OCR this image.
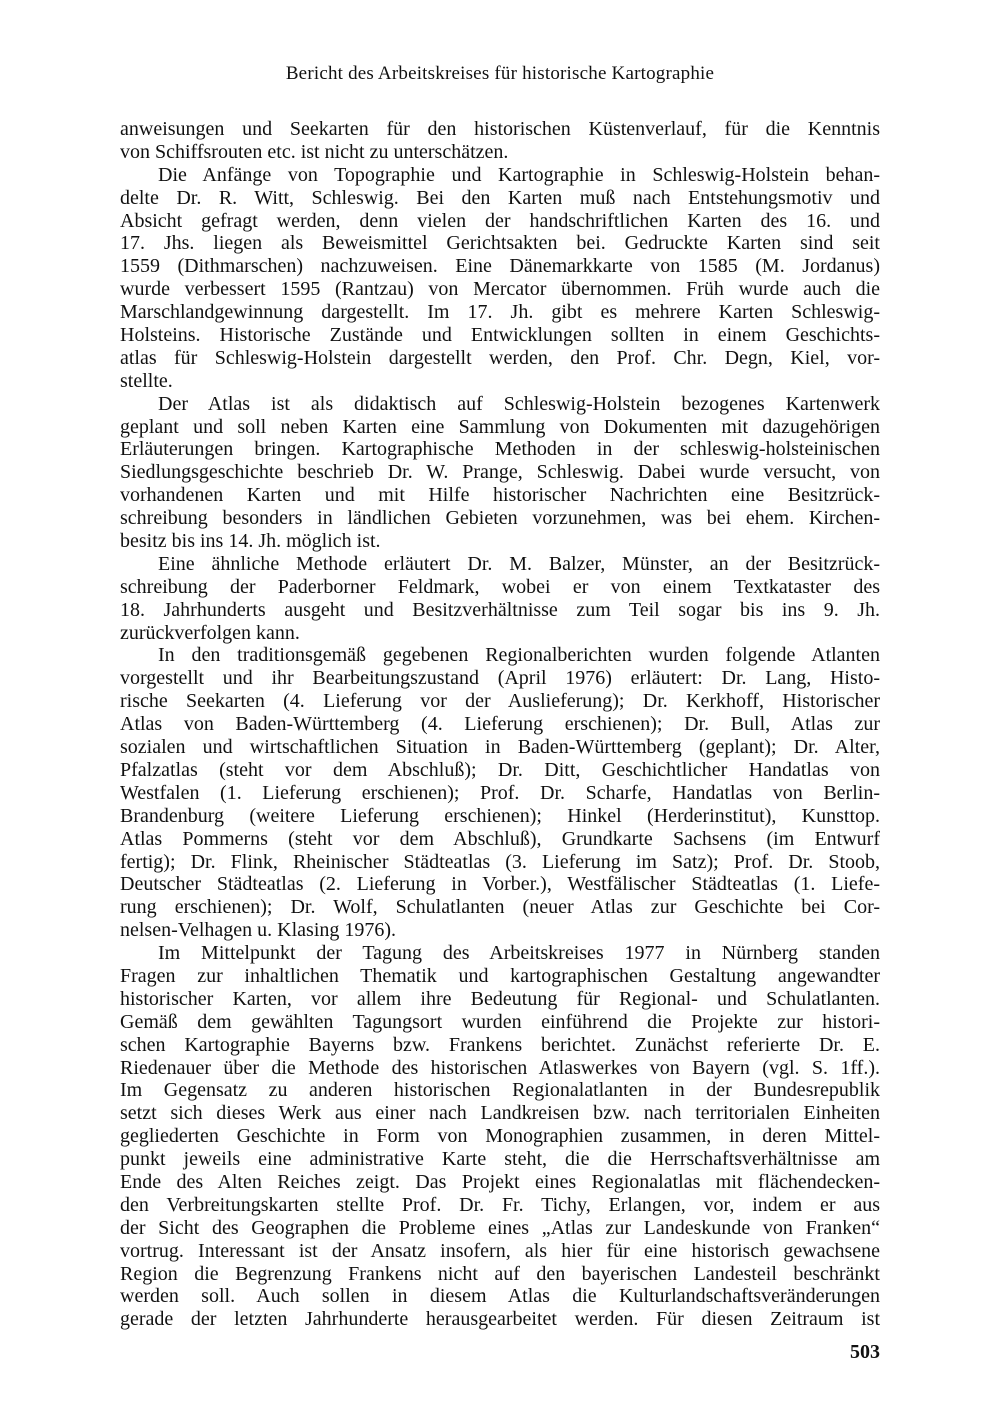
Bericht des Arbeitskreises für historische Kartographie

anweisungen und Seekarten für den historischen Küstenverlauf, für die Kenntnis
von Schiffsrouten etc. ist nicht zu unterschätzen.

Die Anfänge von Topographie und Kartographie in Schleswig-Holstein behan-
delte Dr. R. Witt, Schleswig. Bei den Karten muß nach Entstehungsmotiv und
Absicht gefragt werden, denn vielen der handschriftlichen Karten des 16. und
17. Jhs. liegen als Beweismittel Gerichtsakten bei. Gedruckte Karten sind seit
1559 (Dithmarschen) nachzuweisen. Eine Dänemarkkarte von 1585 (M. Jordanus)
wurde verbessert 1595 (Rantzau) von Mercator übernommen. Früh wurde auch die
Marschlandgewinnung dargestellt. Im 17. Jh. gibt es mehrere Karten Schleswig-
Holsteins. Historische Zustände und Entwicklungen sollten in einem Geschichts-
atlas für Schleswig-Holstein dargestellt werden, den Prof. Chr. Degn, Kiel, vor-
stellte.

Der Atlas ist als didaktisch auf Schleswig-Holstein bezogenes Kartenwerk
geplant und soll neben Karten eine Sammlung von Dokumenten mit dazugehörigen
Erläuterungen bringen. Kartographische Methoden in der schleswig-holsteinischen
Siedlungsgeschichte beschrieb Dr. W. Prange, Schleswig. Dabei wurde versucht, von
vorhandenen Karten und mit Hilfe historischer Nachrichten eine Besitzrück-
schreibung besonders in ländlichen Gebieten vorzunehmen, was bei ehem. Kirchen-
besitz bis ins 14. Jh. möglich ist.

Eine ähnliche Methode erläutert Dr. M. Balzer, Münster, an der Besitzrück-
schreibung der Paderborner Feldmark, wobei er von einem Textkataster des
18. Jahrhunderts ausgeht und Besitzverhältnisse zum Teil sogar bis ins 9. Jh.
zurückverfolgen kann.

In den traditionsgemäß gegebenen Regionalberichten wurden folgende Atlanten
vorgestellt und ihr Bearbeitungszustand (April 1976) erläutert: Dr. Lang, Histo-
rische Seekarten (4. Lieferung vor der Auslieferung); Dr. Kerkhoff, Historischer
Atlas von Baden-Württemberg (4. Lieferung erschienen); Dr. Bull, Atlas zur
sozialen und wirtschaftlichen Situation in Baden-Württemberg (geplant); Dr. Alter,
Pfalzatlas (steht vor dem Abschluß); Dr. Ditt, Geschichtlicher Handatlas von
Westfalen (1. Lieferung erschienen); Prof. Dr. Scharfe, Handatlas von Berlin-
Brandenburg (weitere Lieferung erschienen); Hinkel (Herderinstitut), Kunsttop.
Atlas Pommerns (steht vor dem Abschluß), Grundkarte Sachsens (im Entwurf
fertig); Dr. Flink, Rheinischer Städteatlas (3. Lieferung im Satz); Prof. Dr. Stoob,
Deutscher Städteatlas (2. Lieferung in Vorber.), Westfälischer Städteatlas (1. Liefe-
rung erschienen); Dr. Wolf, Schulatlanten (neuer Atlas zur Geschichte bei Cor-
nelsen-Velhagen u. Klasing 1976).

Im Mittelpunkt der Tagung des Arbeitskreises 1977 in Nürnberg standen
Fragen zur inhaltlichen Thematik und kartographischen Gestaltung angewandter
historischer Karten, vor allem ihre Bedeutung für Regional- und Schulatlanten.
Gemäß dem gewählten Tagungsort wurden einführend die Projekte zur histori-
schen Kartographie Bayerns bzw. Frankens berichtet. Zunächst referierte Dr. E.
Riedenauer über die Methode des historischen Atlaswerkes von Bayern (vgl. S. 1ff.).
Im Gegensatz zu anderen historischen Regionalatlanten in der Bundesrepublik
setzt sich dieses Werk aus einer nach Landkreisen bzw. nach territorialen Einheiten
gegliederten Geschichte in Form von Monographien zusammen, in deren Mittel-
punkt jeweils eine administrative Karte steht, die die Herrschaftsverhältnisse am
Ende des Alten Reiches zeigt. Das Projekt eines Regionalatlas mit flächendecken-
den Verbreitungskarten stellte Prof. Dr. Fr. Tichy, Erlangen, vor, indem er aus
der Sicht des Geographen die Probleme eines „Atlas zur Landeskunde von Franken“
vortrug. Interessant ist der Ansatz insofern, als hier für eine historisch gewachsene
Region die Begrenzung Frankens nicht auf den bayerischen Landesteil beschränkt
werden soll. Auch sollen in diesem Atlas die Kulturlandschaftsveränderungen
gerade der letzten Jahrhunderte herausgearbeitet werden. Für diesen Zeitraum ist

503
